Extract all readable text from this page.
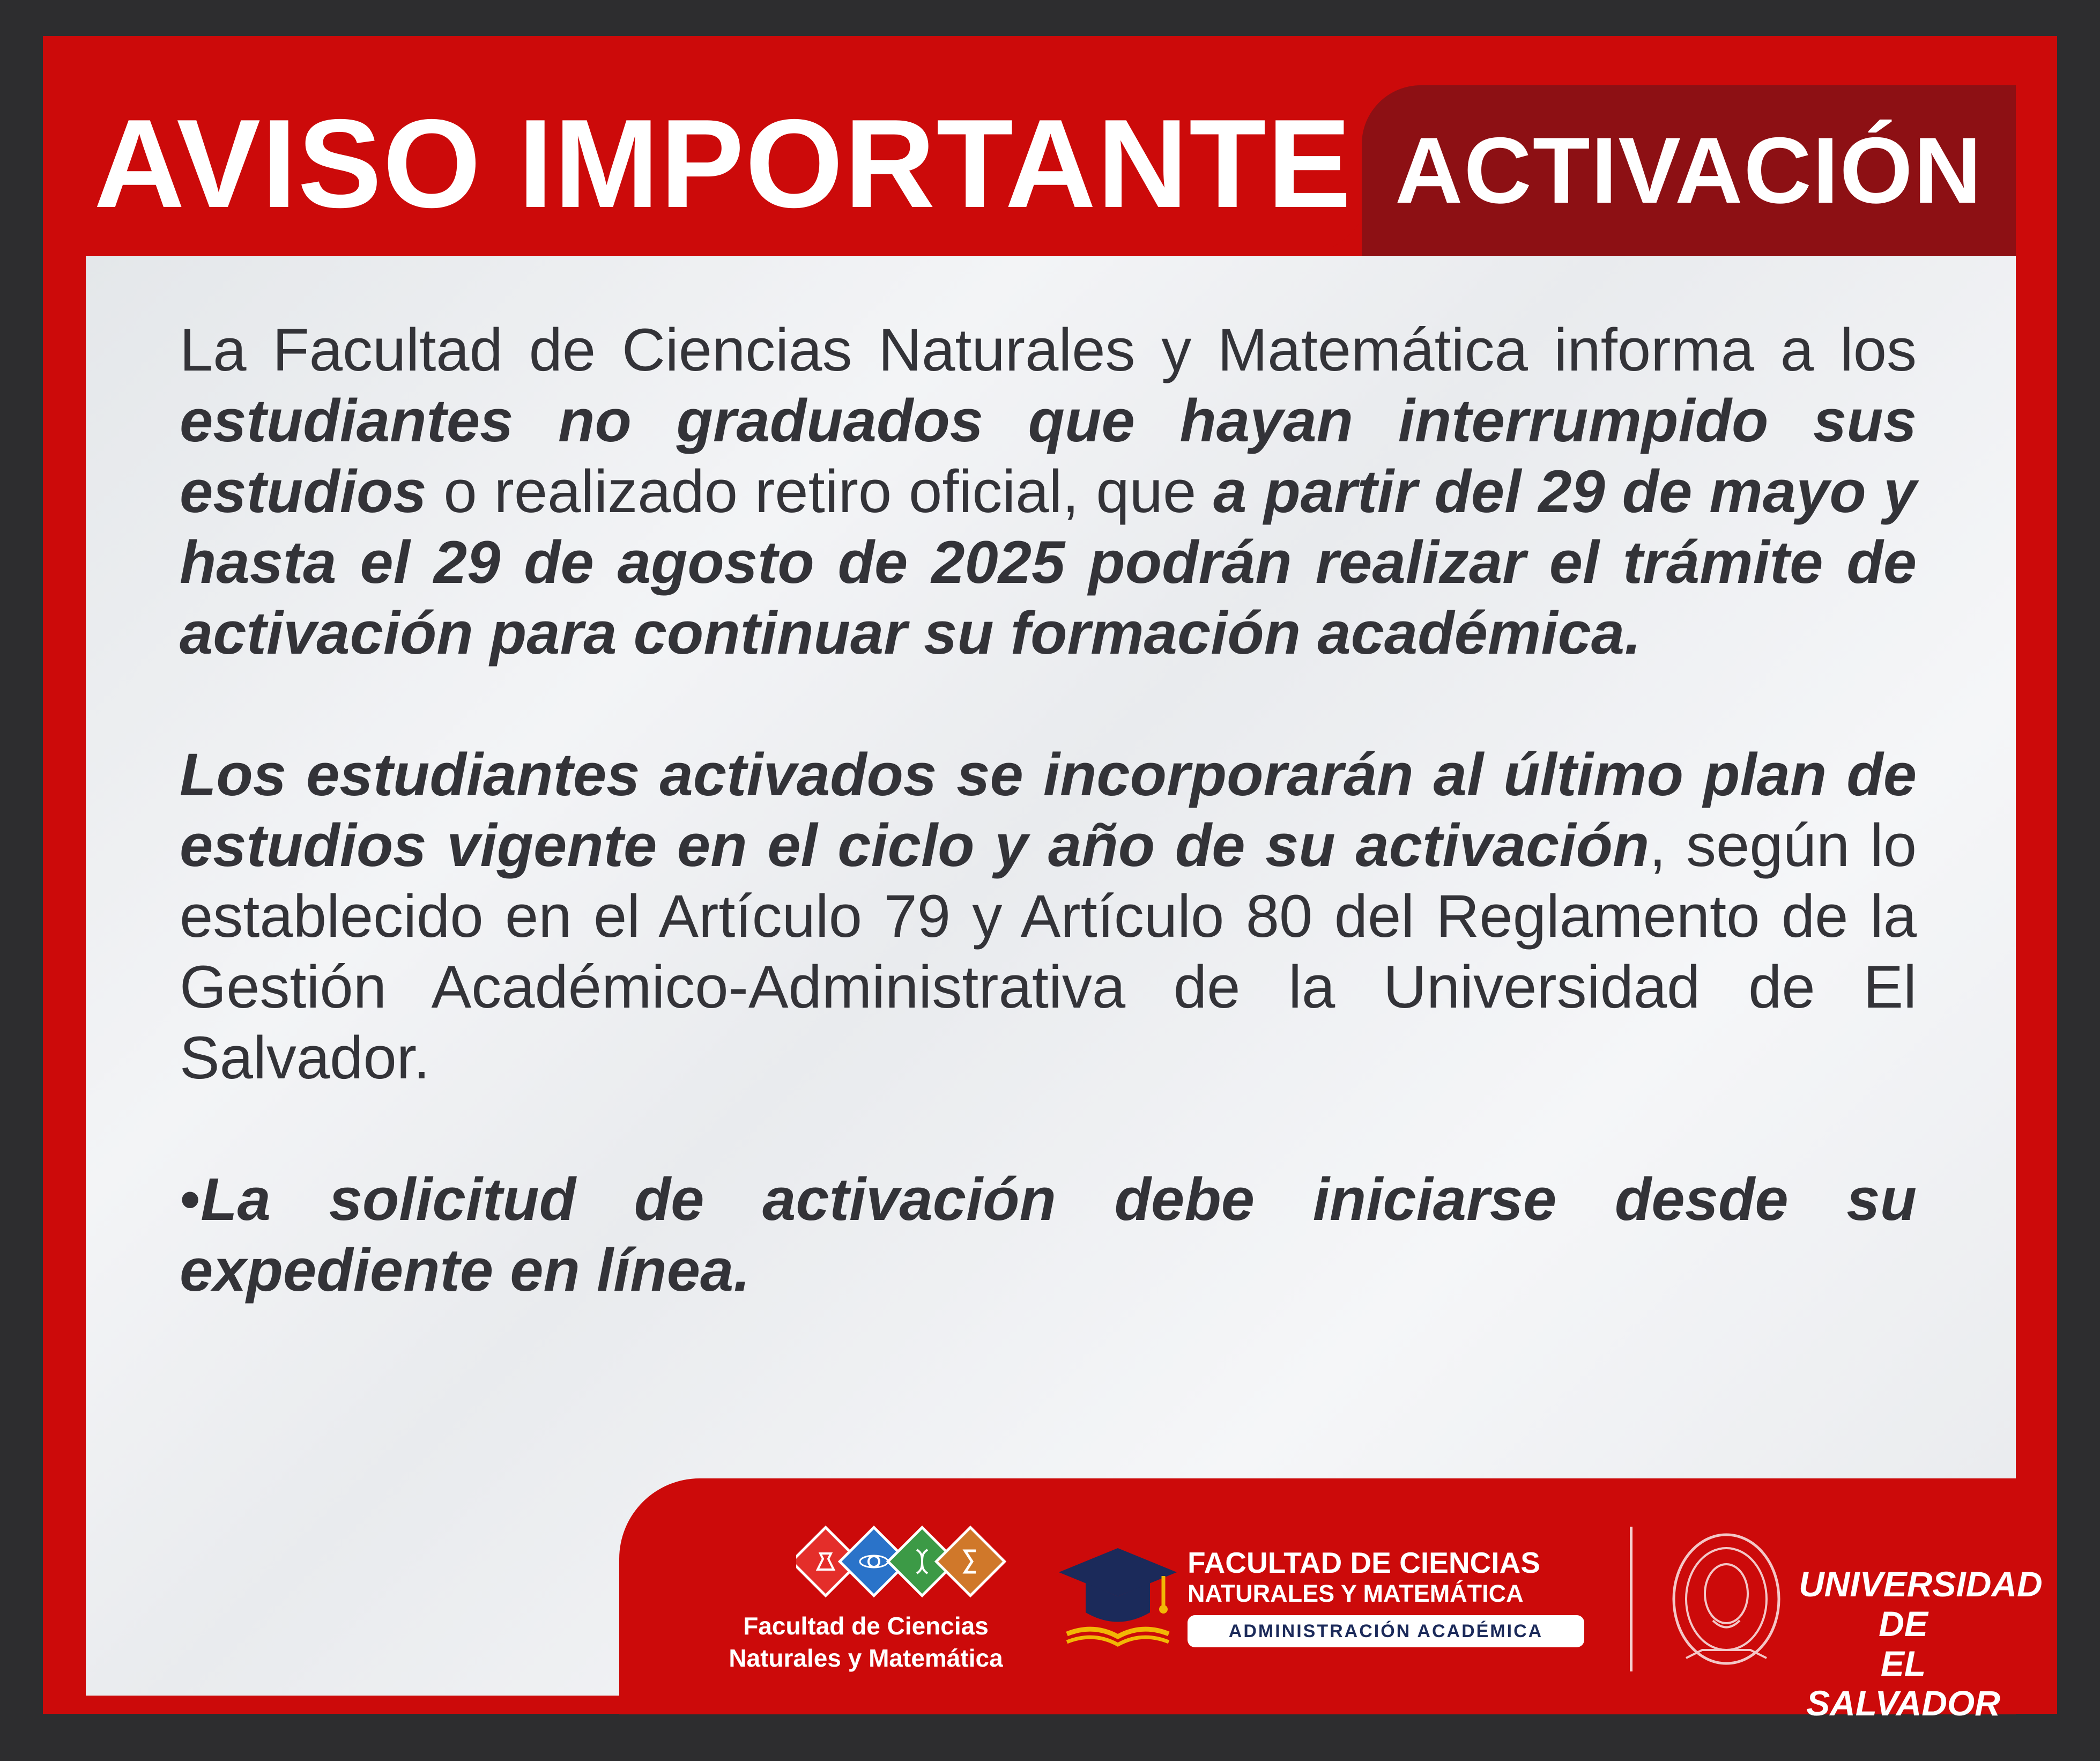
AVISO IMPORTANTE ACTIVACIÓN

La Facultad de Ciencias Naturales y Matemática informa a los estudiantes no graduados que hayan interrumpido sus estudios o realizado retiro oficial, que a partir del 29 de mayo y hasta el 29 de agosto de 2025 podrán realizar el trámite de activación para continuar su formación académica.

Los estudiantes activados se incorporarán al último plan de estudios vigente en el ciclo y año de su activación, según lo establecido en el Artículo 79 y Artículo 80 del Reglamento de la Gestión Académico-Administrativa de la Universidad de El Salvador.

•La solicitud de activación debe iniciarse desde su expediente en línea.

Facultad de Ciencias
Naturales y Matemática
FACULTAD DE CIENCIAS
NATURALES Y MATEMÁTICA
ADMINISTRACIÓN ACADÉMICA
UNIVERSIDAD DE
EL SALVADOR
